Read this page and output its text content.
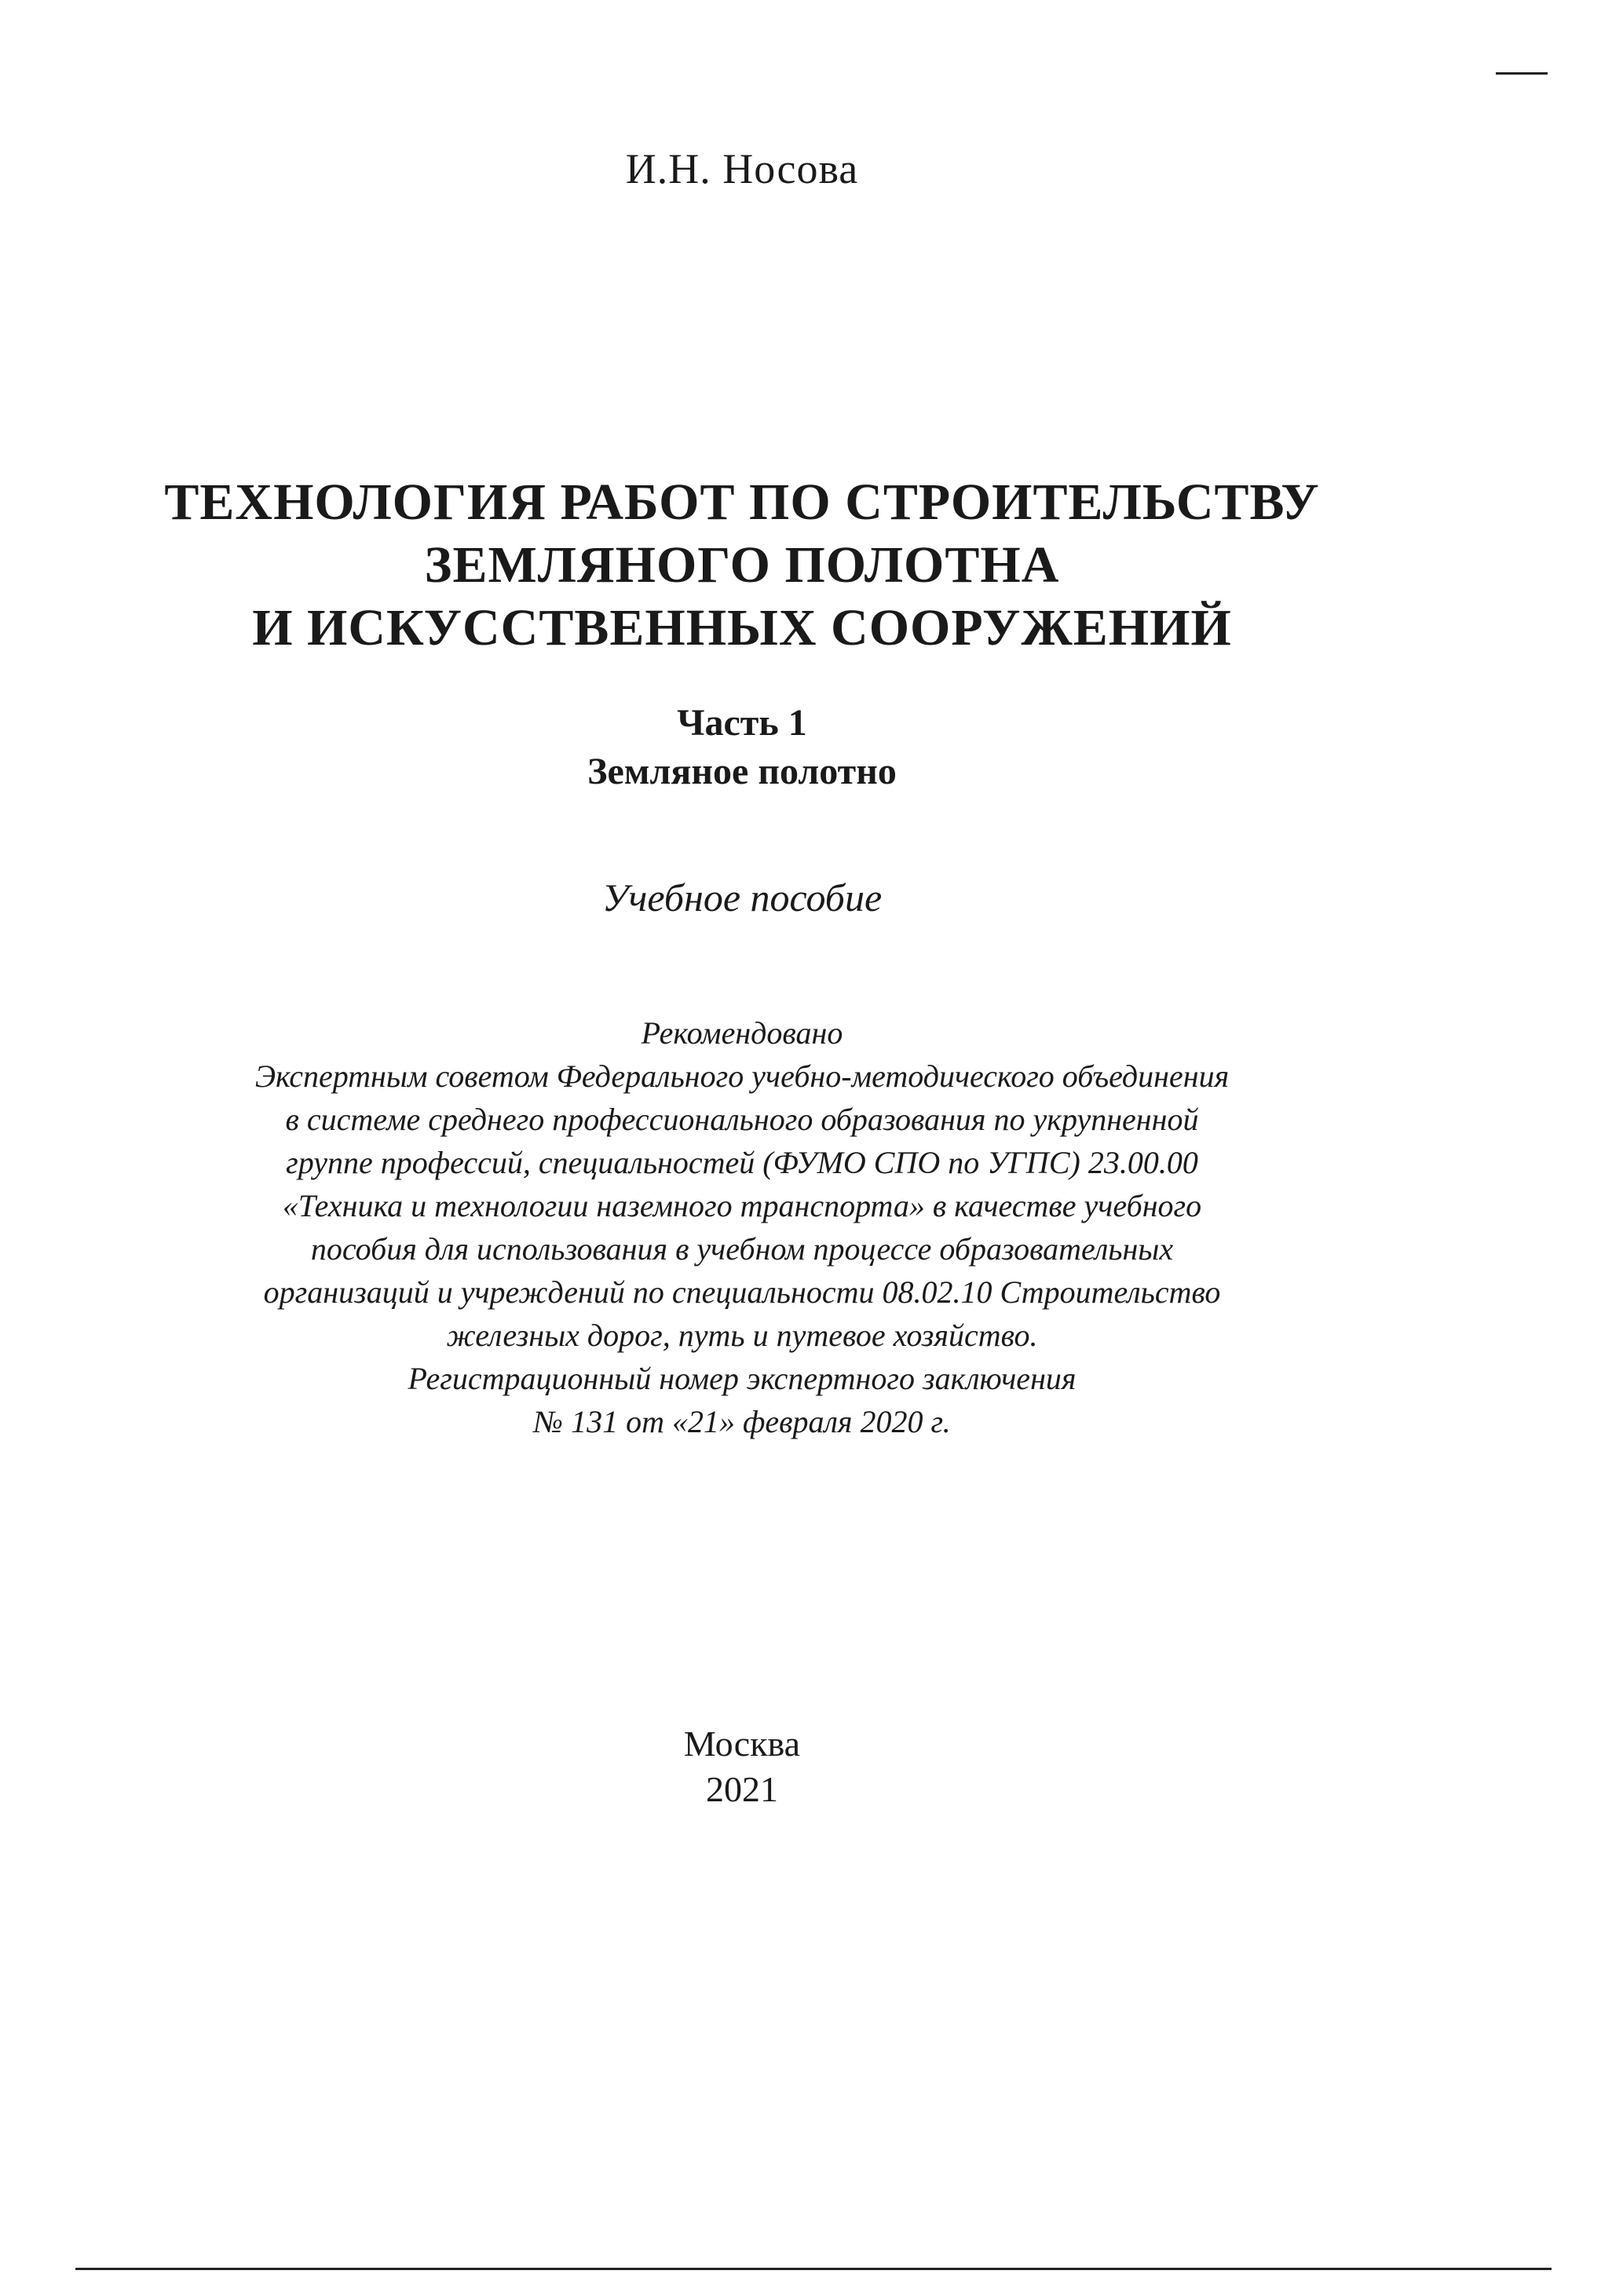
И.Н. Носова
ТЕХНОЛОГИЯ РАБОТ ПО СТРОИТЕЛЬСТВУ
ЗЕМЛЯНОГО ПОЛОТНА
И ИСКУССТВЕННЫХ СООРУЖЕНИЙ
Часть 1
Земляное полотно
Учебное пособие
Рекомендовано
Экспертным советом Федерального учебно-методического объединения
в системе среднего профессионального образования по укрупненной
группе профессий, специальностей (ФУМО СПО по УГПС) 23.00.00
«Техника и технологии наземного транспорта» в качестве учебного
пособия для использования в учебном процессе образовательных
организаций и учреждений по специальности 08.02.10 Строительство
железных дорог, путь и путевое хозяйство.
Регистрационный номер экспертного заключения
№ 131 от «21» февраля 2020 г.
Москва
2021
